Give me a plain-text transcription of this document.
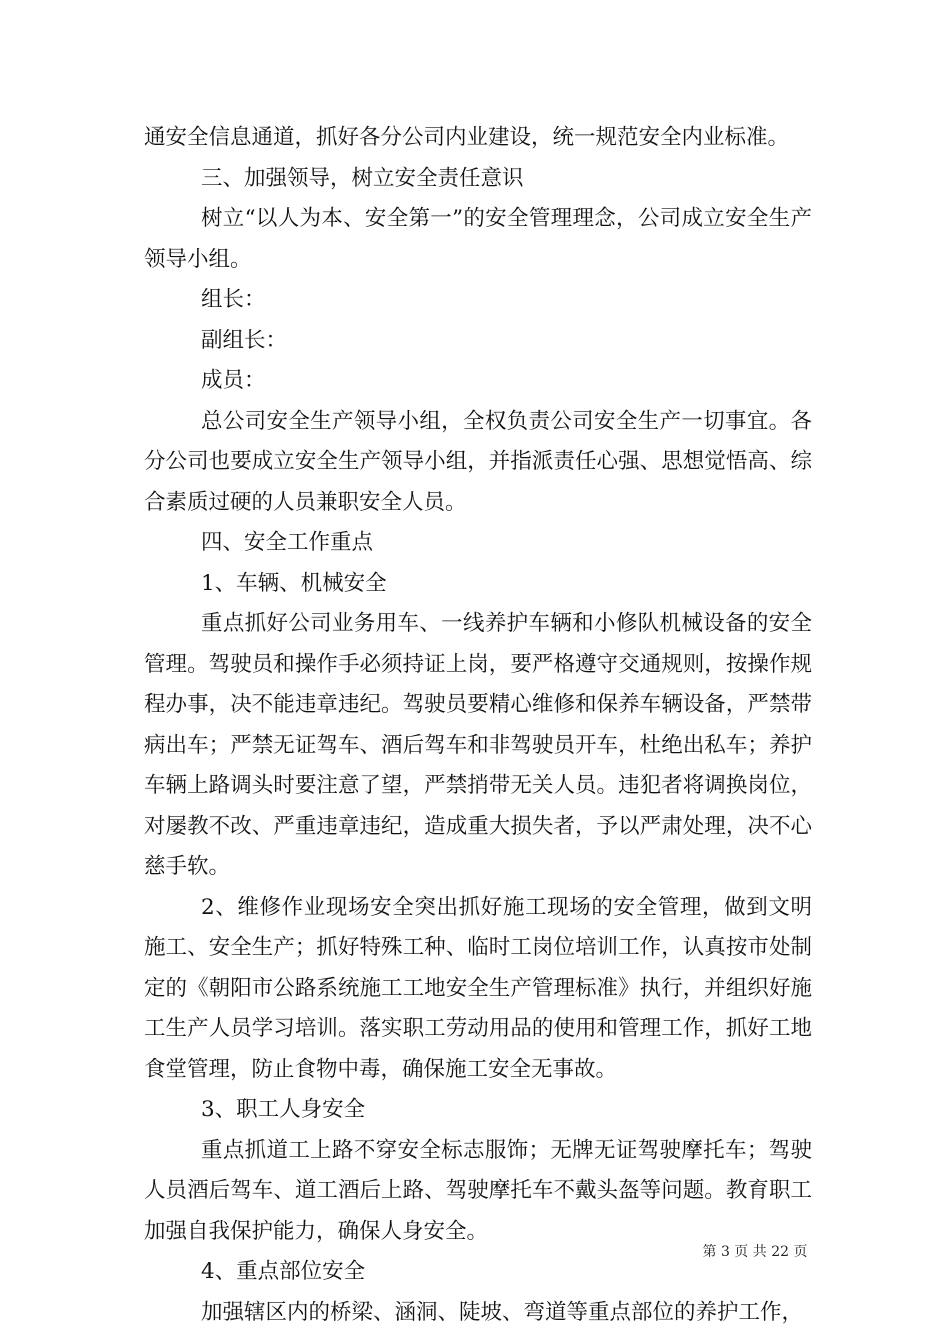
通安全信息通道，抓好各分公司内业建设，统一规范安全内业标准。

三、加强领导，树立安全责任意识

树立“以人为本、安全第一”的安全管理理念，公司成立安全生产领导小组。

组长：

副组长：

成员：

总公司安全生产领导小组，全权负责公司安全生产一切事宜。各分公司也要成立安全生产领导小组，并指派责任心强、思想觉悟高、综合素质过硬的人员兼职安全人员。

四、安全工作重点

1、车辆、机械安全

重点抓好公司业务用车、一线养护车辆和小修队机械设备的安全管理。驾驶员和操作手必须持证上岗，要严格遵守交通规则，按操作规程办事，决不能违章违纪。驾驶员要精心维修和保养车辆设备，严禁带病出车；严禁无证驾车、酒后驾车和非驾驶员开车，杜绝出私车；养护车辆上路调头时要注意了望，严禁捎带无关人员。违犯者将调换岗位，对屡教不改、严重违章违纪，造成重大损失者，予以严肃处理，决不心慈手软。

2、维修作业现场安全突出抓好施工现场的安全管理，做到文明施工、安全生产；抓好特殊工种、临时工岗位培训工作，认真按市处制定的《朝阳市公路系统施工工地安全生产管理标准》执行，并组织好施工生产人员学习培训。落实职工劳动用品的使用和管理工作，抓好工地食堂管理，防止食物中毒，确保施工安全无事故。

3、职工人身安全

重点抓道工上路不穿安全标志服饰；无牌无证驾驶摩托车；驾驶人员酒后驾车、道工酒后上路、驾驶摩托车不戴头盔等问题。教育职工加强自我保护能力，确保人身安全。

4、重点部位安全

加强辖区内的桥梁、涵洞、陡坡、弯道等重点部位的养护工作，

第 3 页 共 22 页
